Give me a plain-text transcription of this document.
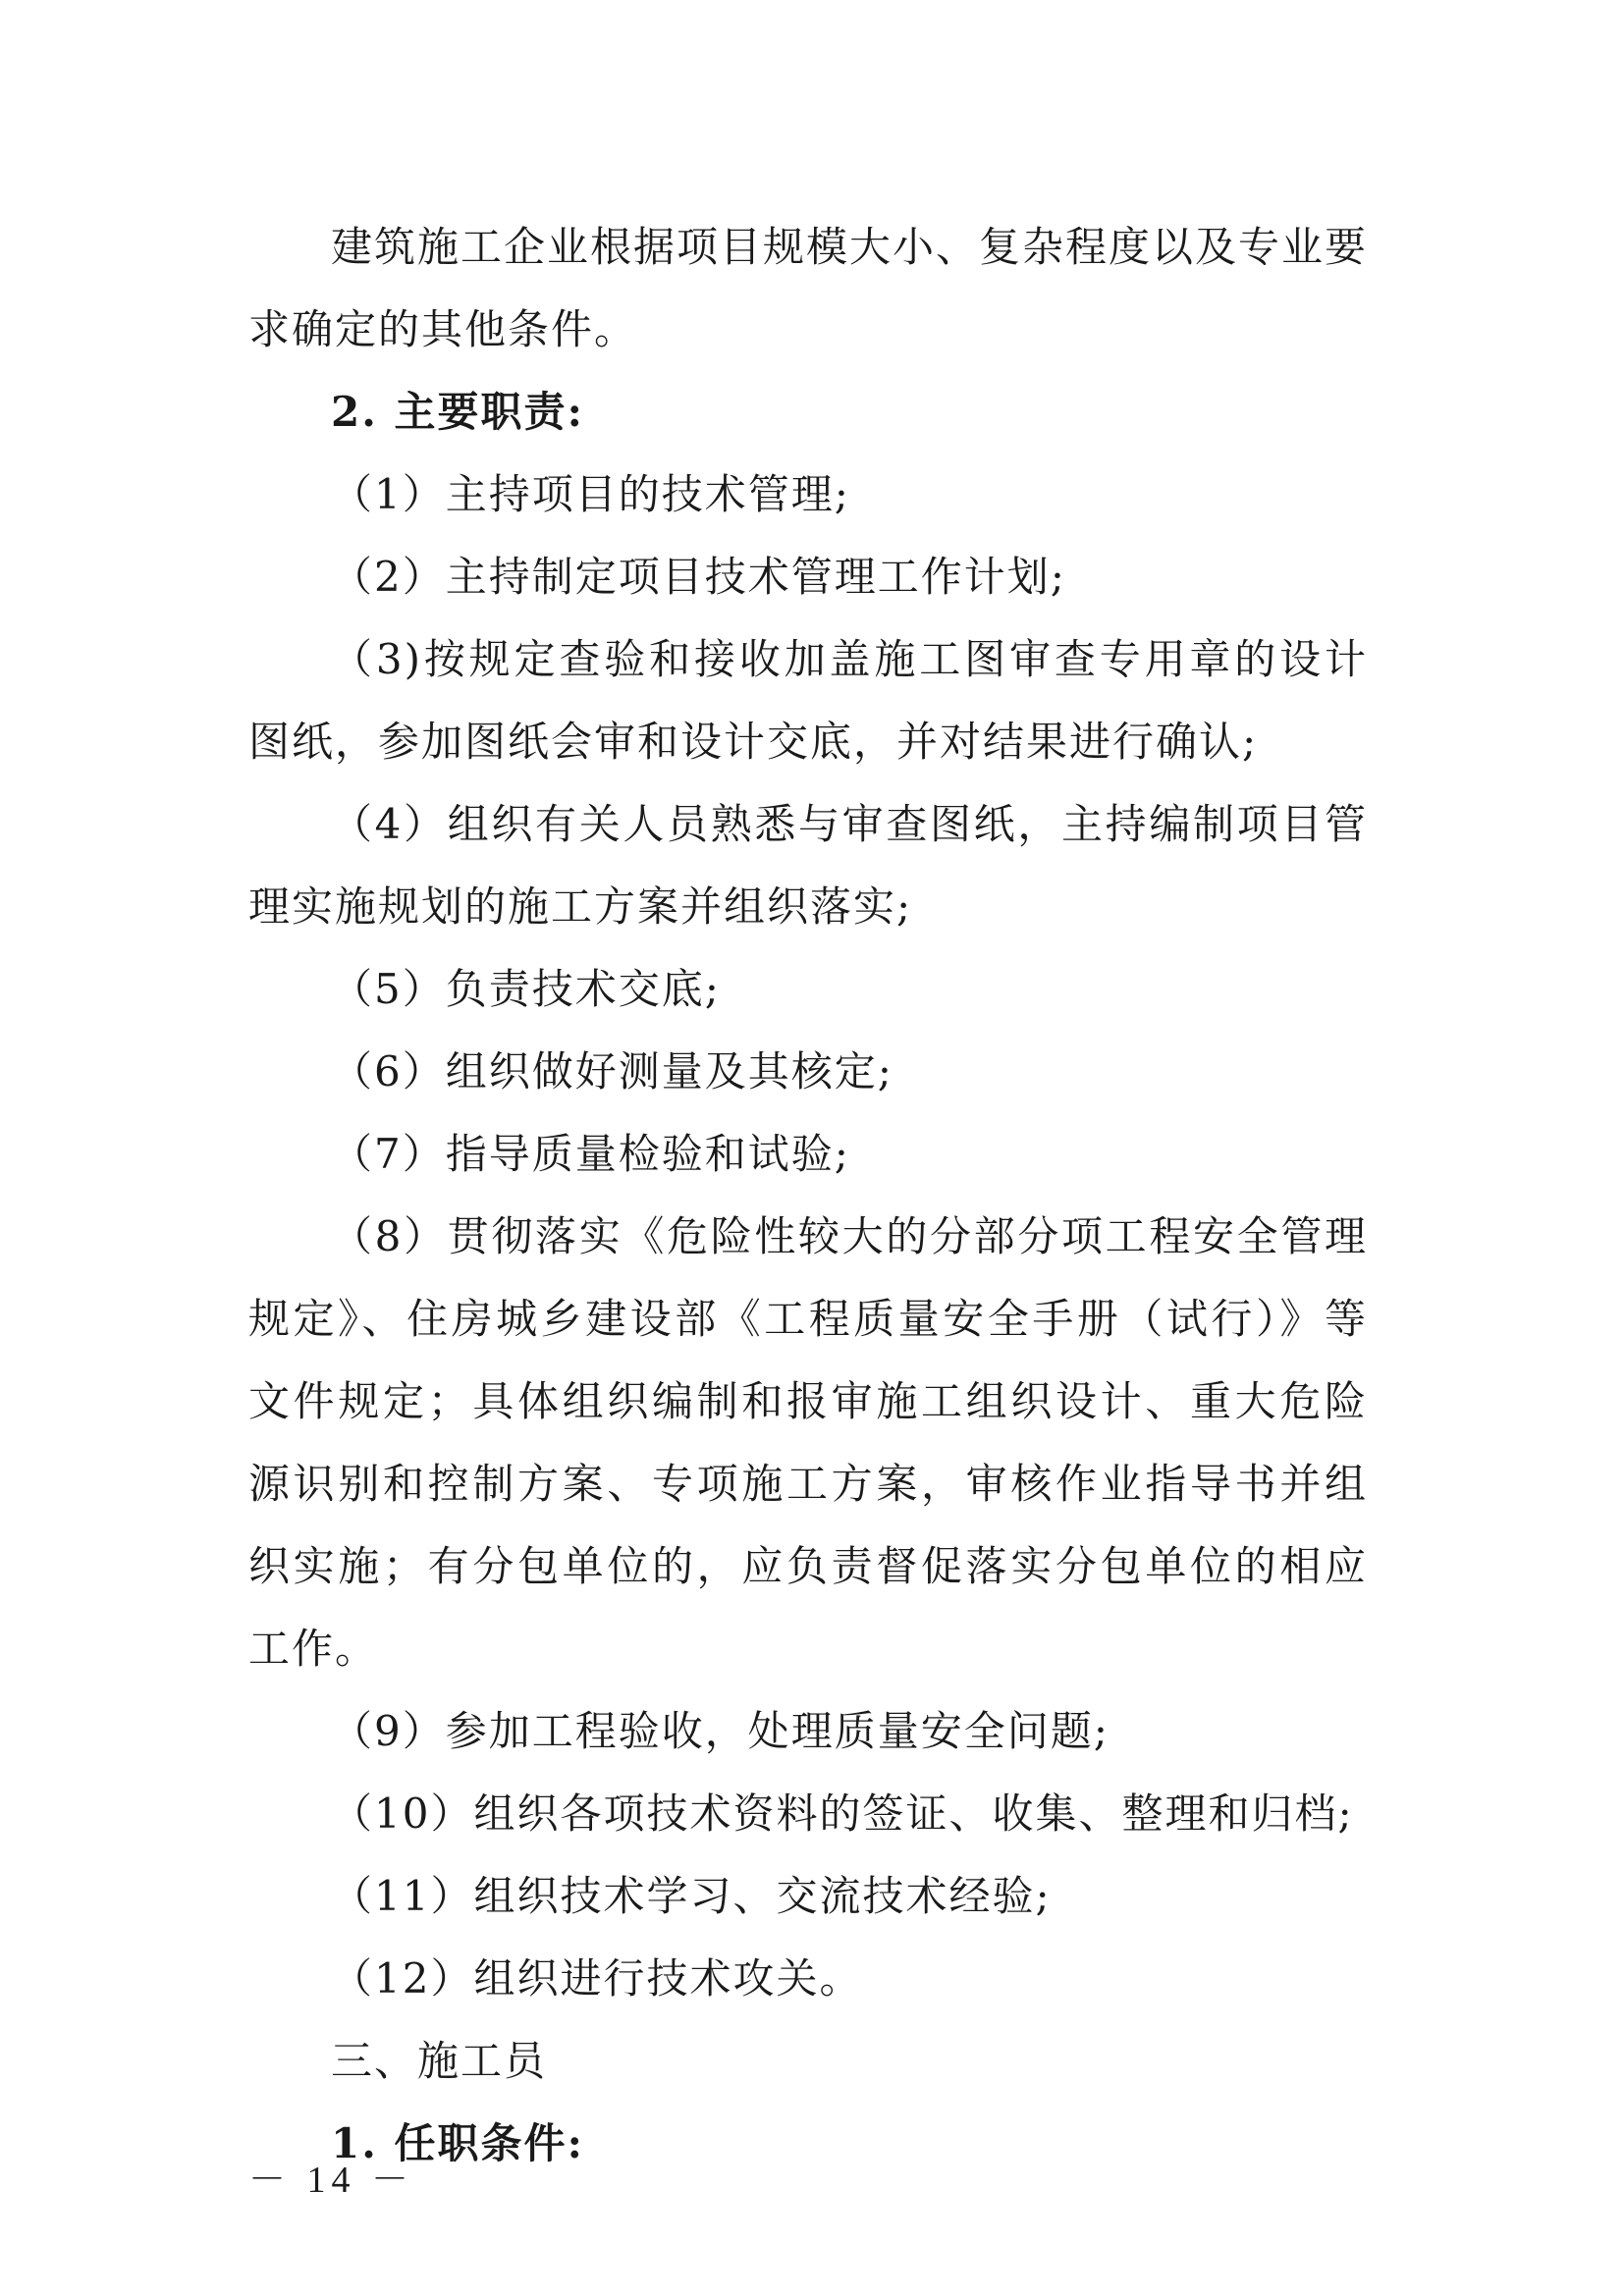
建筑施工企业根据项目规模大小、复杂程度以及专业要求确定的其他条件。

2. 主要职责:

（1）主持项目的技术管理;

（2）主持制定项目技术管理工作计划;

（3)按规定查验和接收加盖施工图审查专用章的设计图纸，参加图纸会审和设计交底，并对结果进行确认;

（4）组织有关人员熟悉与审查图纸，主持编制项目管理实施规划的施工方案并组织落实;

（5）负责技术交底;

（6）组织做好测量及其核定;

（7）指导质量检验和试验;

（8）贯彻落实《危险性较大的分部分项工程安全管理规定》、住房城乡建设部《工程质量安全手册（试行）》等文件规定；具体组织编制和报审施工组织设计、重大危险源识别和控制方案、专项施工方案，审核作业指导书并组织实施；有分包单位的，应负责督促落实分包单位的相应工作。

（9）参加工程验收，处理质量安全问题;

（10）组织各项技术资料的签证、收集、整理和归档;

（11）组织技术学习、交流技术经验;

（12）组织进行技术攻关。

三、施工员

1. 任职条件:

－ 14 －
